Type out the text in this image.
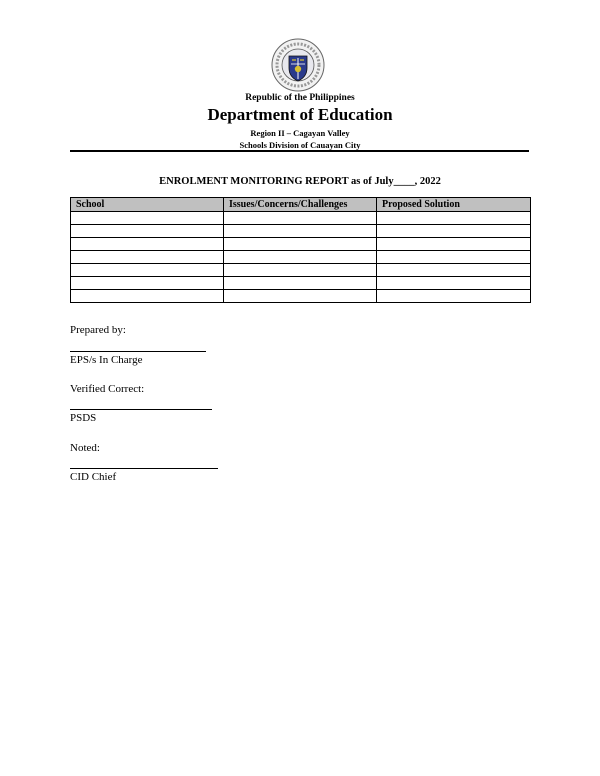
Republic of the Philippines
Department of Education
Region II – Cagayan Valley
Schools Division of Cauayan City
ENROLMENT MONITORING REPORT as of July____, 2022
School	Issues/Concerns/Challenges	Proposed Solution

Prepared by:
EPS/s In Charge
Verified Correct:
PSDS
Noted:
CID Chief
